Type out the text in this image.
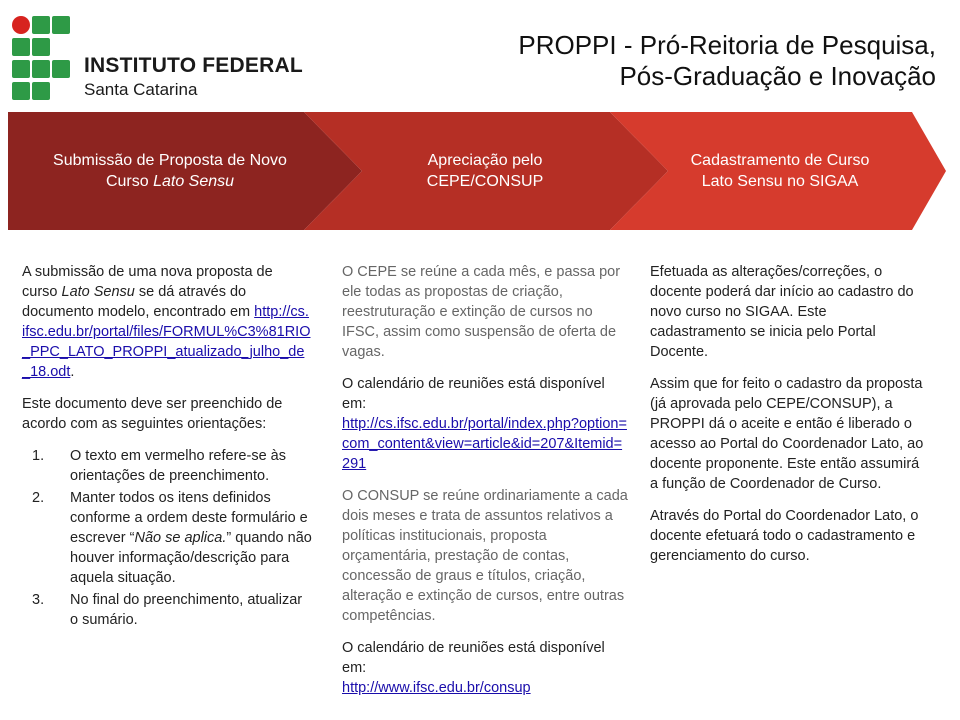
INSTITUTO FEDERAL
Santa Catarina
PROPPI - Pró-Reitoria de Pesquisa,
Pós-Graduação e Inovação
Submissão de Proposta de Novo
Curso Lato Sensu
Apreciação pelo
CEPE/CONSUP
Cadastramento de Curso
Lato Sensu no SIGAA

A submissão de uma nova proposta de curso Lato Sensu se dá através do documento modelo, encontrado em http://cs.ifsc.edu.br/portal/files/FORMUL%C3%81RIO_PPC_LATO_PROPPI_atualizado_julho_de_18.odt.

Este documento deve ser preenchido de acordo com as seguintes orientações:

1. O texto em vermelho refere-se às orientações de preenchimento.
2. Manter todos os itens definidos conforme a ordem deste formulário e escrever “Não se aplica.” quando não houver informação/descrição para aquela situação.
3. No final do preenchimento, atualizar o sumário.

O CEPE se reúne a cada mês, e passa por ele todas as propostas de criação, reestruturação e extinção de cursos no IFSC, assim como suspensão de oferta de vagas.

O calendário de reuniões está disponível em:
http://cs.ifsc.edu.br/portal/index.php?option=com_content&view=article&id=207&Itemid=291

O CONSUP se reúne ordinariamente a cada dois meses e trata de assuntos relativos a políticas institucionais, proposta orçamentária, prestação de contas, concessão de graus e títulos, criação, alteração e extinção de cursos, entre outras competências.

O calendário de reuniões está disponível em:
http://www.ifsc.edu.br/consup

Efetuada as alterações/correções, o docente poderá dar início ao cadastro do novo curso no SIGAA. Este cadastramento se inicia pelo Portal Docente.

Assim que for feito o cadastro da proposta (já aprovada pelo CEPE/CONSUP), a PROPPI dá o aceite e então é liberado o acesso ao Portal do Coordenador Lato, ao docente proponente. Este então assumirá a função de Coordenador de Curso.

Através do Portal do Coordenador Lato, o docente efetuará todo o cadastramento e gerenciamento do curso.
